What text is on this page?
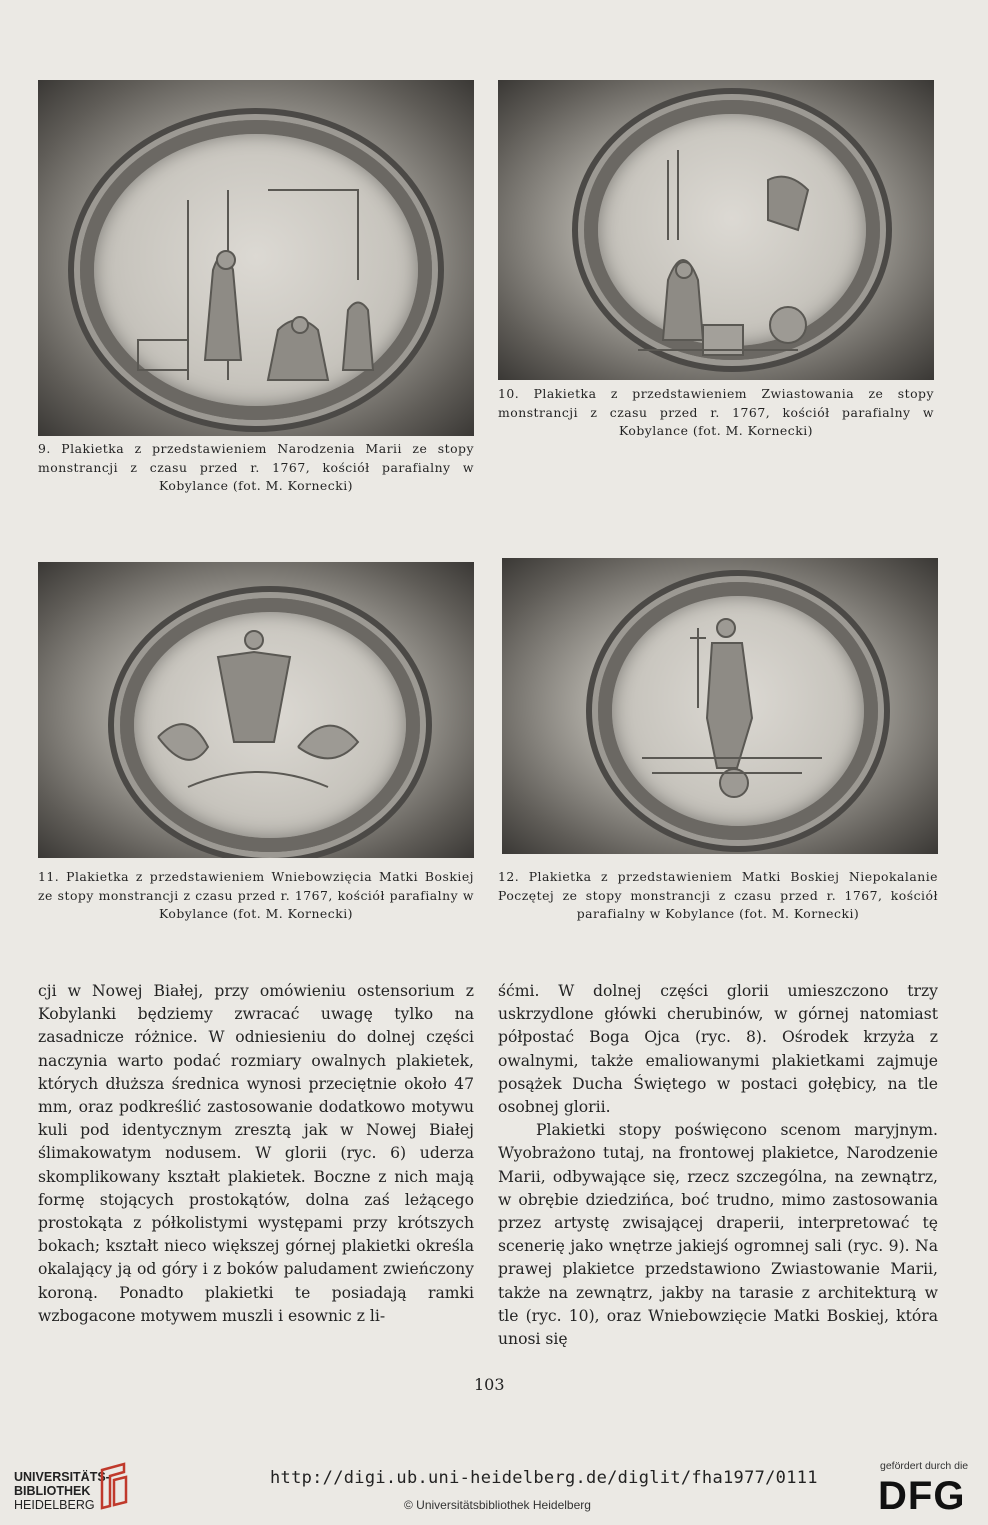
9. Plakietka z przedstawieniem Narodzenia Marii ze stopy monstrancji z czasu przed r. 1767, kościół parafialny w Kobylance (fot. M. Kornecki)

10. Plakietka z przedstawieniem Zwiastowania ze stopy monstrancji z czasu przed r. 1767, kościół parafialny w Kobylance (fot. M. Kornecki)

11. Plakietka z przedstawieniem Wniebowzięcia Matki Boskiej ze stopy monstrancji z czasu przed r. 1767, kościół parafialny w Kobylance (fot. M. Kornecki)

12. Plakietka z przedstawieniem Matki Boskiej Niepokalanie Poczętej ze stopy monstrancji z czasu przed r. 1767, kościół parafialny w Kobylance (fot. M. Kornecki)

cji w Nowej Białej, przy omówieniu ostensorium z Kobylanki będziemy zwracać uwagę tylko na zasadnicze różnice. W odniesieniu do dolnej części naczynia warto podać rozmiary owalnych plakietek, których dłuższa średnica wynosi przeciętnie około 47 mm, oraz podkreślić zastosowanie dodatkowo motywu kuli pod identycznym zresztą jak w Nowej Białej ślimakowatym nodusem. W glorii (ryc. 6) uderza skomplikowany kształt plakietek. Boczne z nich mają formę stojących prostokątów, dolna zaś leżącego prostokąta z półkolistymi występami przy krótszych bokach; kształt nieco większej górnej plakietki określa okalający ją od góry i z boków paludament zwieńczony koroną. Ponadto plakietki te posiadają ramki wzbogacone motywem muszli i esownic z li-

śćmi. W dolnej części glorii umieszczono trzy uskrzydlone główki cherubinów, w górnej natomiast półpostać Boga Ojca (ryc. 8). Ośrodek krzyża z owalnymi, także emaliowanymi plakietkami zajmuje posążek Ducha Świętego w postaci gołębicy, na tle osobnej glorii.

Plakietki stopy poświęcono scenom maryjnym. Wyobrażono tutaj, na frontowej plakietce, Narodzenie Marii, odbywające się, rzecz szczególna, na zewnątrz, w obrębie dziedzińca, boć trudno, mimo zastosowania przez artystę zwisającej draperii, interpretować tę scenerię jako wnętrze jakiejś ogromnej sali (ryc. 9). Na prawej plakietce przedstawiono Zwiastowanie Marii, także na zewnątrz, jakby na tarasie z architekturą w tle (ryc. 10), oraz Wniebowzięcie Matki Boskiej, która unosi się

103
UNIVERSITÄTS-
BIBLIOTHEK
HEIDELBERG
http://digi.ub.uni-heidelberg.de/diglit/fha1977/0111
© Universitätsbibliothek Heidelberg
gefördert durch die
DFG
